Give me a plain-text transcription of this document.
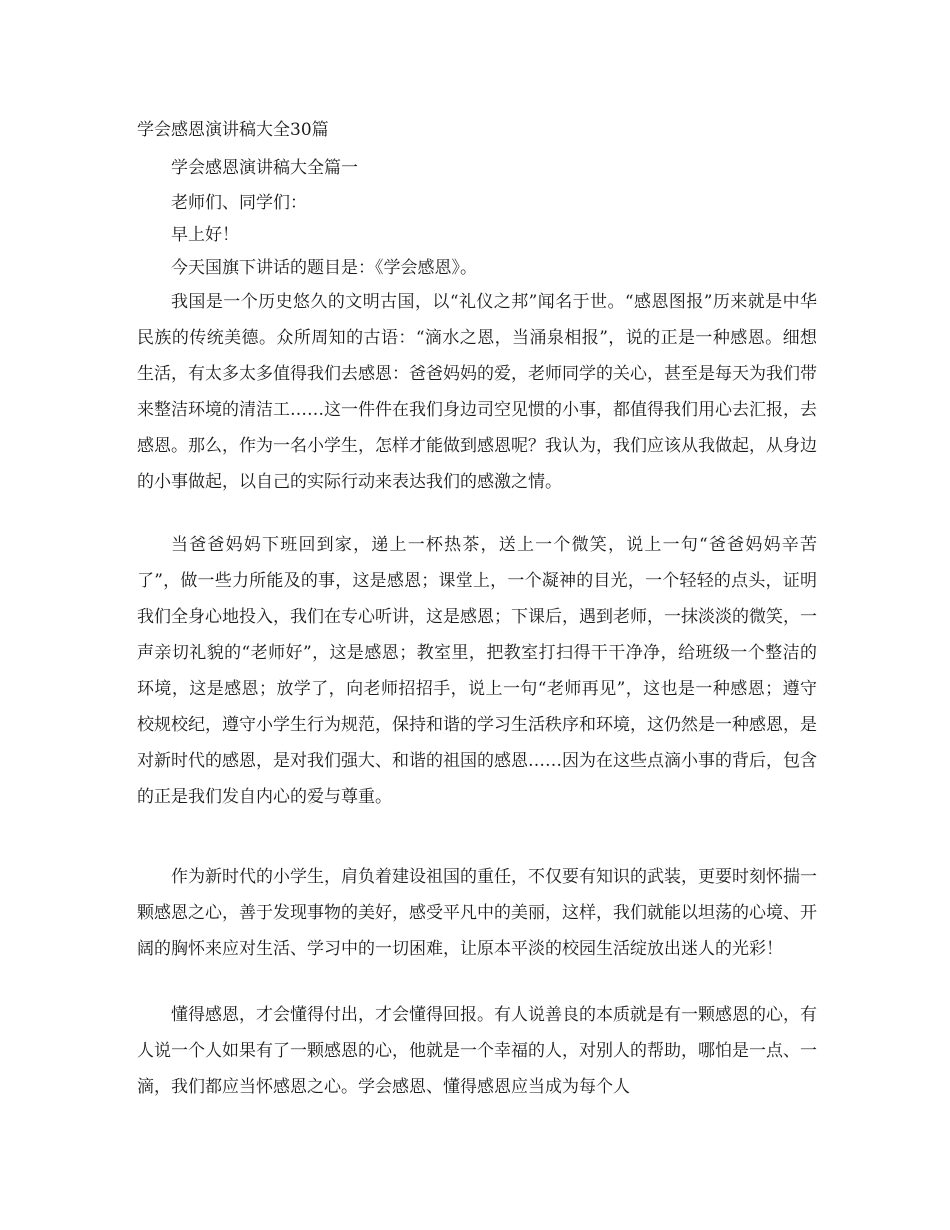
学会感恩演讲稿大全30篇

学会感恩演讲稿大全篇一

老师们、同学们：

早上好！

今天国旗下讲话的题目是：《学会感恩》。

我国是一个历史悠久的文明古国，以“礼仪之邦”闻名于世。“感恩图报”历来就是中华民族的传统美德。众所周知的古语：“滴水之恩，当涌泉相报”，说的正是一种感恩。细想生活，有太多太多值得我们去感恩：爸爸妈妈的爱，老师同学的关心，甚至是每天为我们带来整洁环境的清洁工……这一件件在我们身边司空见惯的小事，都值得我们用心去汇报，去感恩。那么，作为一名小学生，怎样才能做到感恩呢？我认为，我们应该从我做起，从身边的小事做起，以自己的实际行动来表达我们的感激之情。

当爸爸妈妈下班回到家，递上一杯热茶，送上一个微笑，说上一句“爸爸妈妈辛苦了”，做一些力所能及的事，这是感恩；课堂上，一个凝神的目光，一个轻轻的点头，证明我们全身心地投入，我们在专心听讲，这是感恩；下课后，遇到老师，一抹淡淡的微笑，一声亲切礼貌的“老师好”，这是感恩；教室里，把教室打扫得干干净净，给班级一个整洁的环境，这是感恩；放学了，向老师招招手，说上一句“老师再见”，这也是一种感恩；遵守校规校纪，遵守小学生行为规范，保持和谐的学习生活秩序和环境，这仍然是一种感恩，是对新时代的感恩，是对我们强大、和谐的祖国的感恩……因为在这些点滴小事的背后，包含的正是我们发自内心的爱与尊重。

作为新时代的小学生，肩负着建设祖国的重任，不仅要有知识的武装，更要时刻怀揣一颗感恩之心，善于发现事物的美好，感受平凡中的美丽，这样，我们就能以坦荡的心境、开阔的胸怀来应对生活、学习中的一切困难，让原本平淡的校园生活绽放出迷人的光彩！

懂得感恩，才会懂得付出，才会懂得回报。有人说善良的本质就是有一颗感恩的心，有人说一个人如果有了一颗感恩的心，他就是一个幸福的人，对别人的帮助，哪怕是一点、一滴，我们都应当怀感恩之心。学会感恩、懂得感恩应当成为每个人
